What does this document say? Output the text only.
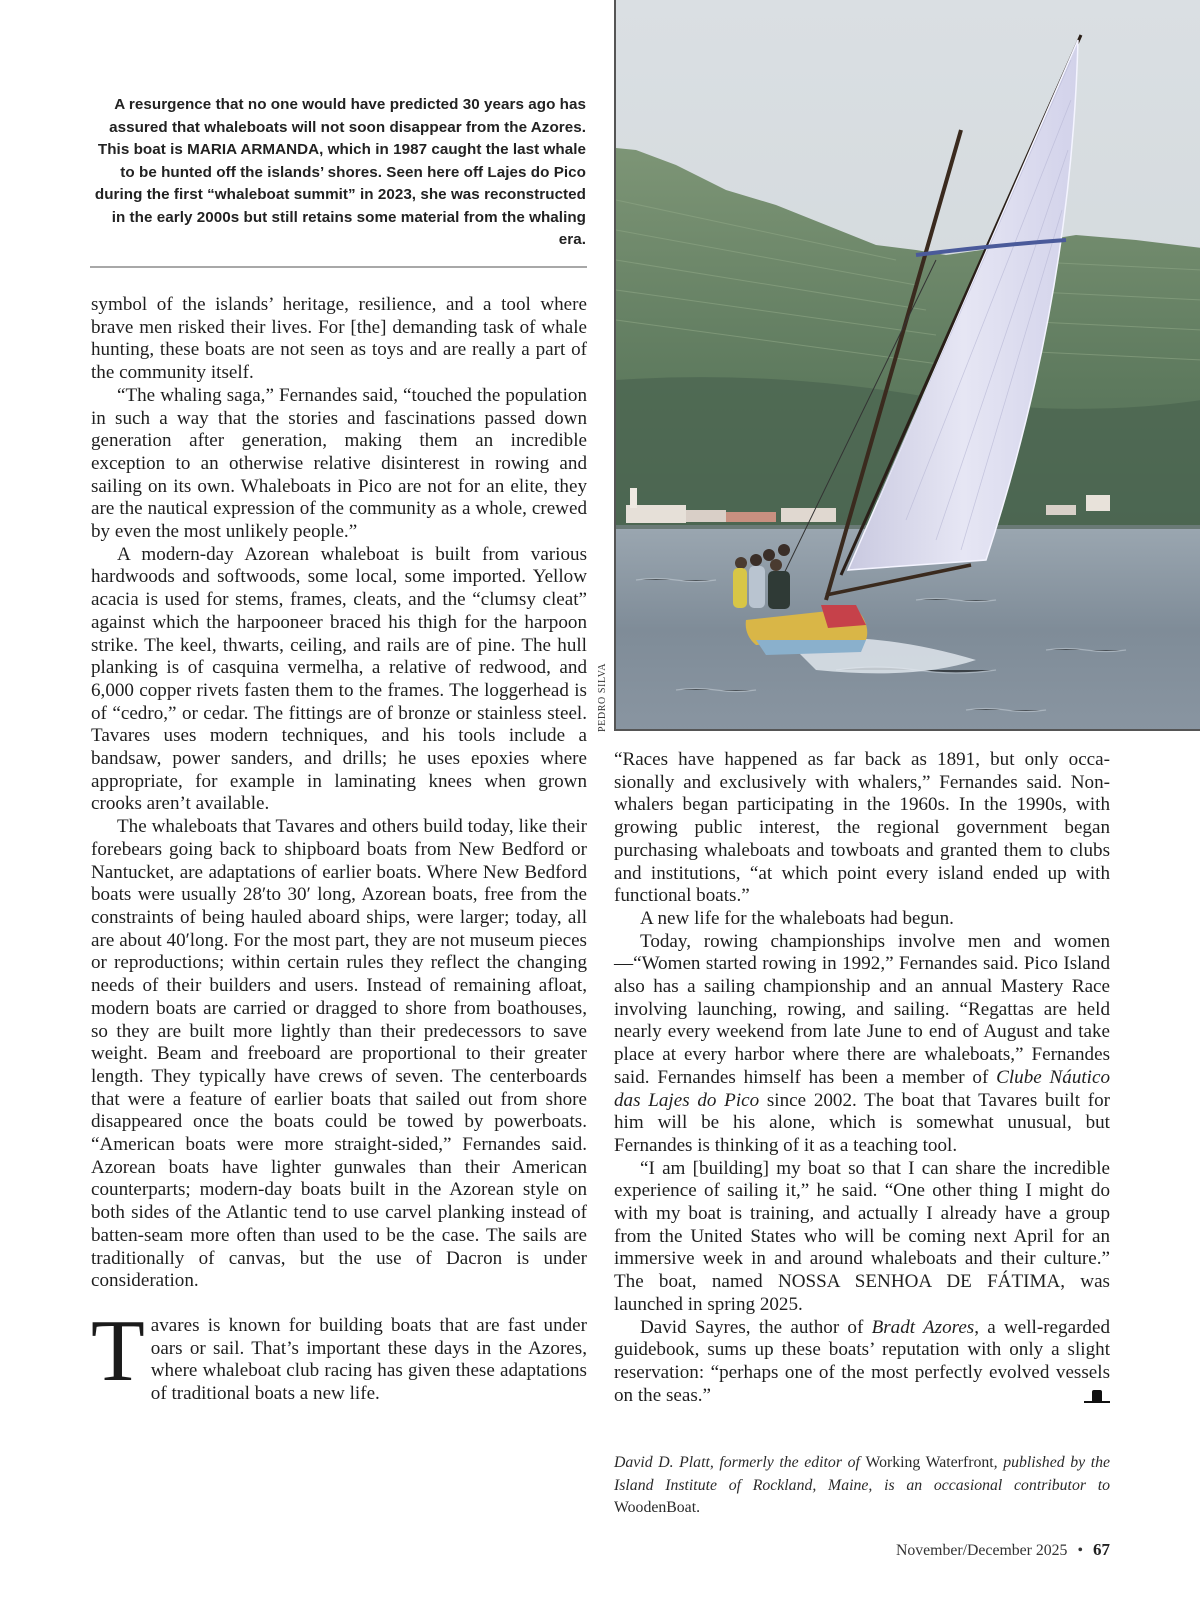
PEDRO SILVA
A resurgence that no one would have predicted 30 years ago has assured that whaleboats will not soon disappear from the Azores. This boat is MARIA ARMANDA, which in 1987 caught the last whale to be hunted off the islands’ shores. Seen here off Lajes do Pico during the first “whaleboat summit” in 2023, she was reconstructed in the early 2000s but still retains some material from the whaling era.

symbol of the islands’ heritage, resilience, and a tool where brave men risked their lives. For [the] demanding task of whale hunting, these boats are not seen as toys and are really a part of the community itself.

“The whaling saga,” Fernandes said, “touched the population in such a way that the stories and fascinations passed down generation after generation, making them an incredible exception to an otherwise relative disinterest in rowing and sailing on its own. Whaleboats in Pico are not for an elite, they are the nautical expression of the community as a whole, crewed by even the most unlikely people.”

A modern-day Azorean whaleboat is built from various hardwoods and softwoods, some local, some imported. Yellow acacia is used for stems, frames, cleats, and the “clumsy cleat” against which the harpooneer braced his thigh for the harpoon strike. The keel, thwarts, ceiling, and rails are of pine. The hull planking is of casquina vermelha, a relative of redwood, and 6,000 copper rivets fasten them to the frames. The loggerhead is of “cedro,” or cedar. The fittings are of bronze or stainless steel. Tavares uses modern techniques, and his tools include a bandsaw, power sanders, and drills; he uses epoxies where appropriate, for example in laminating knees when grown crooks aren’t available.

The whaleboats that Tavares and others build today, like their forebears going back to shipboard boats from New Bedford or Nantucket, are adaptations of earlier boats. Where New Bedford boats were usually 28′to 30′ long, Azorean boats, free from the constraints of being hauled aboard ships, were larger; today, all are about 40′long. For the most part, they are not museum pieces or reproductions; within certain rules they reflect the changing needs of their builders and users. Instead of remaining afloat, modern boats are carried or dragged to shore from boathouses, so they are built more lightly than their predecessors to save weight. Beam and freeboard are proportional to their greater length. They typically have crews of seven. The centerboards that were a feature of earlier boats that sailed out from shore disappeared once the boats could be towed by powerboats. “American boats were more straight-sided,” Fernandes said. Azorean boats have lighter gunwales than their American counterparts; modern-day boats built in the Azorean style on both sides of the Atlantic tend to use carvel planking instead of batten-seam more often than used to be the case. The sails are traditionally of canvas, but the use of Dacron is under consideration.

Tavares is known for building boats that are fast under oars or sail. That’s important these days in the Azores, where whaleboat club racing has given these adaptations of traditional boats a new life.

“Races have happened as far back as 1891, but only occasionally and exclusively with whalers,” Fernandes said. Non-whalers began participating in the 1960s. In the 1990s, with growing public interest, the regional government began purchasing whaleboats and towboats and granted them to clubs and institutions, “at which point every island ended up with functional boats.”

A new life for the whaleboats had begun.

Today, rowing championships involve men and women—“Women started rowing in 1992,” Fernandes said. Pico Island also has a sailing championship and an annual Mastery Race involving launching, rowing, and sailing. “Regattas are held nearly every weekend from late June to end of August and take place at every harbor where there are whaleboats,” Fernandes said. Fernandes himself has been a member of Clube Náutico das Lajes do Pico since 2002. The boat that Tavares built for him will be his alone, which is somewhat unusual, but Fernandes is thinking of it as a teaching tool.

“I am [building] my boat so that I can share the incredible experience of sailing it,” he said. “One other thing I might do with my boat is training, and actually I already have a group from the United States who will be coming next April for an immersive week in and around whaleboats and their culture.” The boat, named NOSSA SENHOA DE FÁTIMA, was launched in spring 2025.

David Sayres, the author of Bradt Azores, a well-regarded guidebook, sums up these boats’ reputation with only a slight reservation: “perhaps one of the most perfectly evolved vessels on the seas.”

David D. Platt, formerly the editor of Working Waterfront, published by the Island Institute of Rockland, Maine, is an occasional contributor to WoodenBoat.
November/December 2025 • 67
